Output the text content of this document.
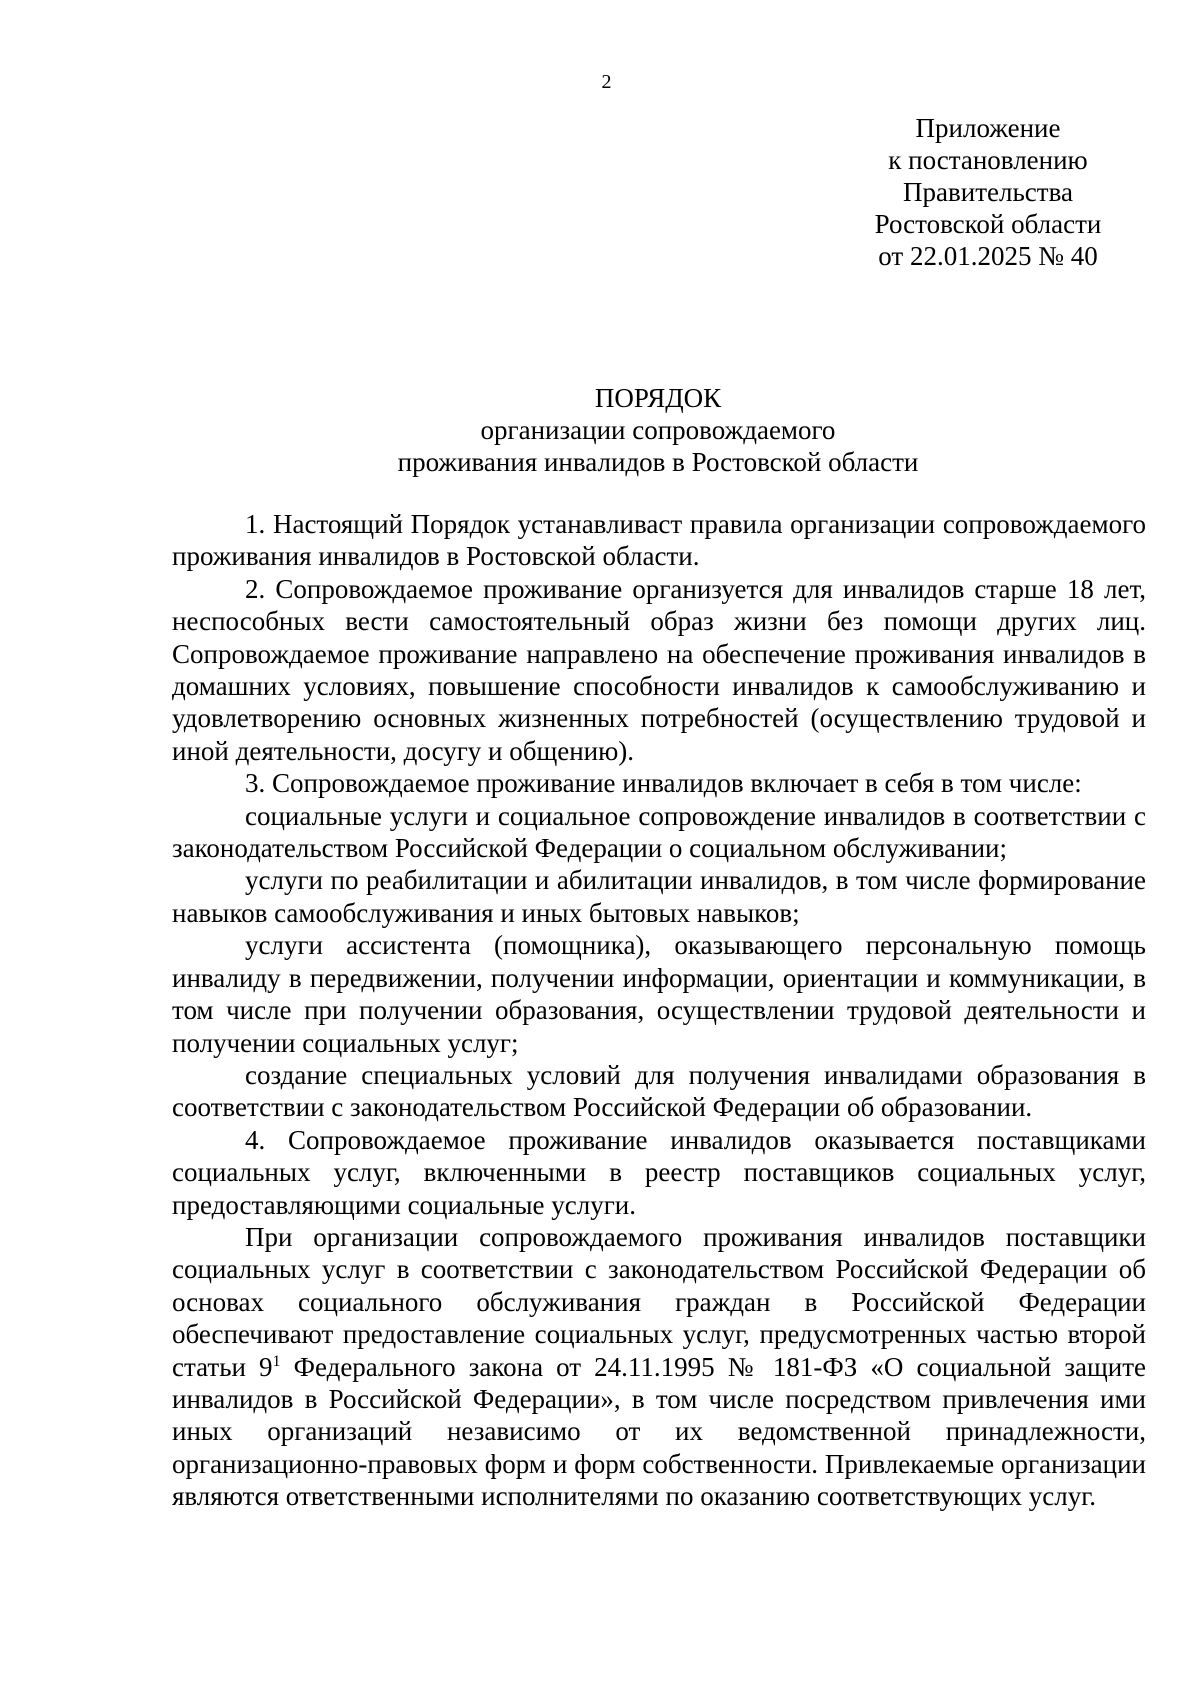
2
Приложение
к постановлению
Правительства
Ростовской области
от 22.01.2025 № 40
ПОРЯДОК
организации сопровождаемого
проживания инвалидов в Ростовской области

1. Настоящий Порядок устанавливаст правила организации сопровождаемого проживания инвалидов в Ростовской области.

2. Сопровождаемое проживание организуется для инвалидов старше 18 лет, неспособных вести самостоятельный образ жизни без помощи других лиц. Сопровождаемое проживание направлено на обеспечение проживания инвалидов в домашних условиях, повышение способности инвалидов к самообслуживанию и удовлетворению основных жизненных потребностей (осуществлению трудовой и иной деятельности, досугу и общению).

3. Сопровождаемое проживание инвалидов включает в себя в том числе:

социальные услуги и социальное сопровождение инвалидов в соответствии с законодательством Российской Федерации о социальном обслуживании;

услуги по реабилитации и абилитации инвалидов, в том числе формирование навыков самообслуживания и иных бытовых навыков;

услуги ассистента (помощника), оказывающего персональную помощь инвалиду в передвижении, получении информации, ориентации и коммуникации, в том числе при получении образования, осуществлении трудовой деятельности и получении социальных услуг;

создание специальных условий для получения инвалидами образования в соответствии с законодательством Российской Федерации об образовании.

4. Сопровождаемое проживание инвалидов оказывается поставщиками социальных услуг, включенными в реестр поставщиков социальных услуг, предоставляющими социальные услуги.

При организации сопровождаемого проживания инвалидов поставщики социальных услуг в соответствии с законодательством Российской Федерации об основах социального обслуживания граждан в Российской Федерации обеспечивают предоставление социальных услуг, предусмотренных частью второй статьи $9^1$ Федерального закона от 24.11.1995 № 181-ФЗ «О социальной защите инвалидов в Российской Федерации», в том числе посредством привлечения ими иных организаций независимо от их ведомственной принадлежности, организационно-правовых форм и форм собственности. Привлекаемые организации являются ответственными исполнителями по оказанию соответствующих услуг.
